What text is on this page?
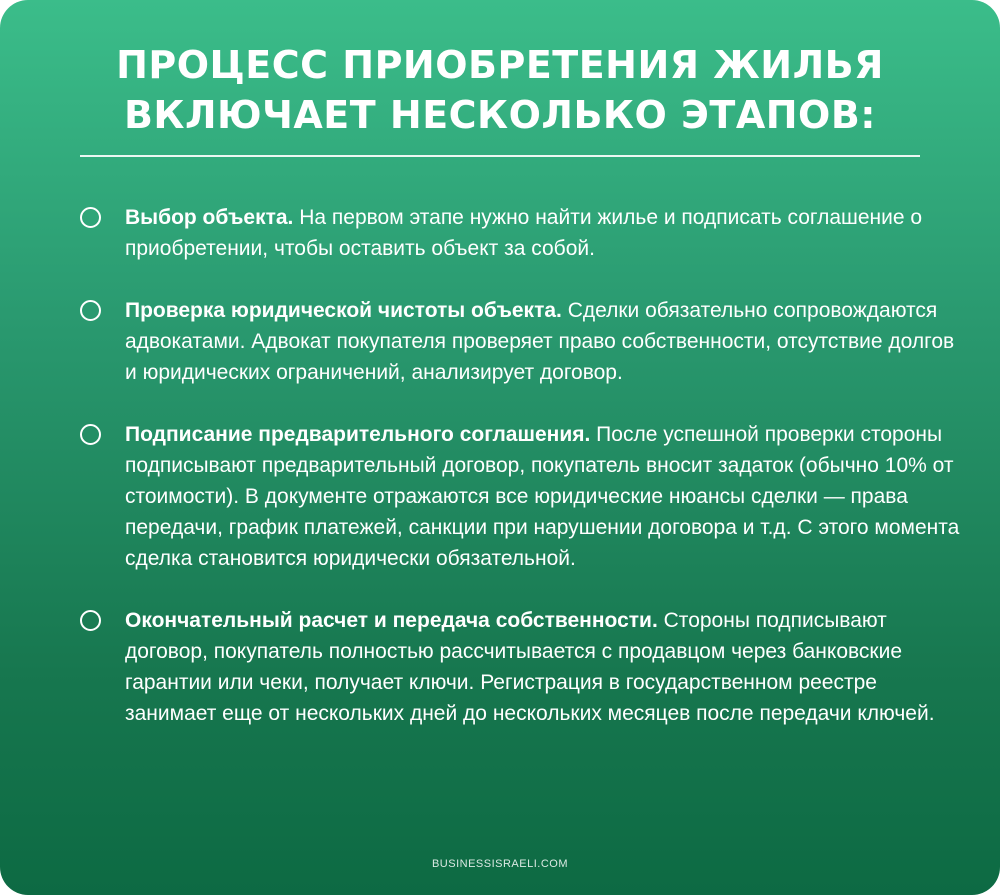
ПРОЦЕСС ПРИОБРЕТЕНИЯ ЖИЛЬЯ
ВКЛЮЧАЕТ НЕСКОЛЬКО ЭТАПОВ:
Выбор объекта. На первом этапе нужно найти жилье и подписать соглашение о приобретении, чтобы оставить объект за собой.
Проверка юридической чистоты объекта. Сделки обязательно сопровождаются адвокатами. Адвокат покупателя проверяет право собственности, отсутствие долгов и юридических ограничений, анализирует договор.
Подписание предварительного соглашения. После успешной проверки стороны подписывают предварительный договор, покупатель вносит задаток (обычно 10% от стоимости). В документе отражаются все юридические нюансы сделки — права передачи, график платежей, санкции при нарушении договора и т.д. С этого момента сделка становится юридически обязательной.
Окончательный расчет и передача собственности. Стороны подписывают договор, покупатель полностью рассчитывается с продавцом через банковские гарантии или чеки, получает ключи. Регистрация в государственном реестре занимает еще от нескольких дней до нескольких месяцев после передачи ключей.
BUSINESSISRAELI.COM
